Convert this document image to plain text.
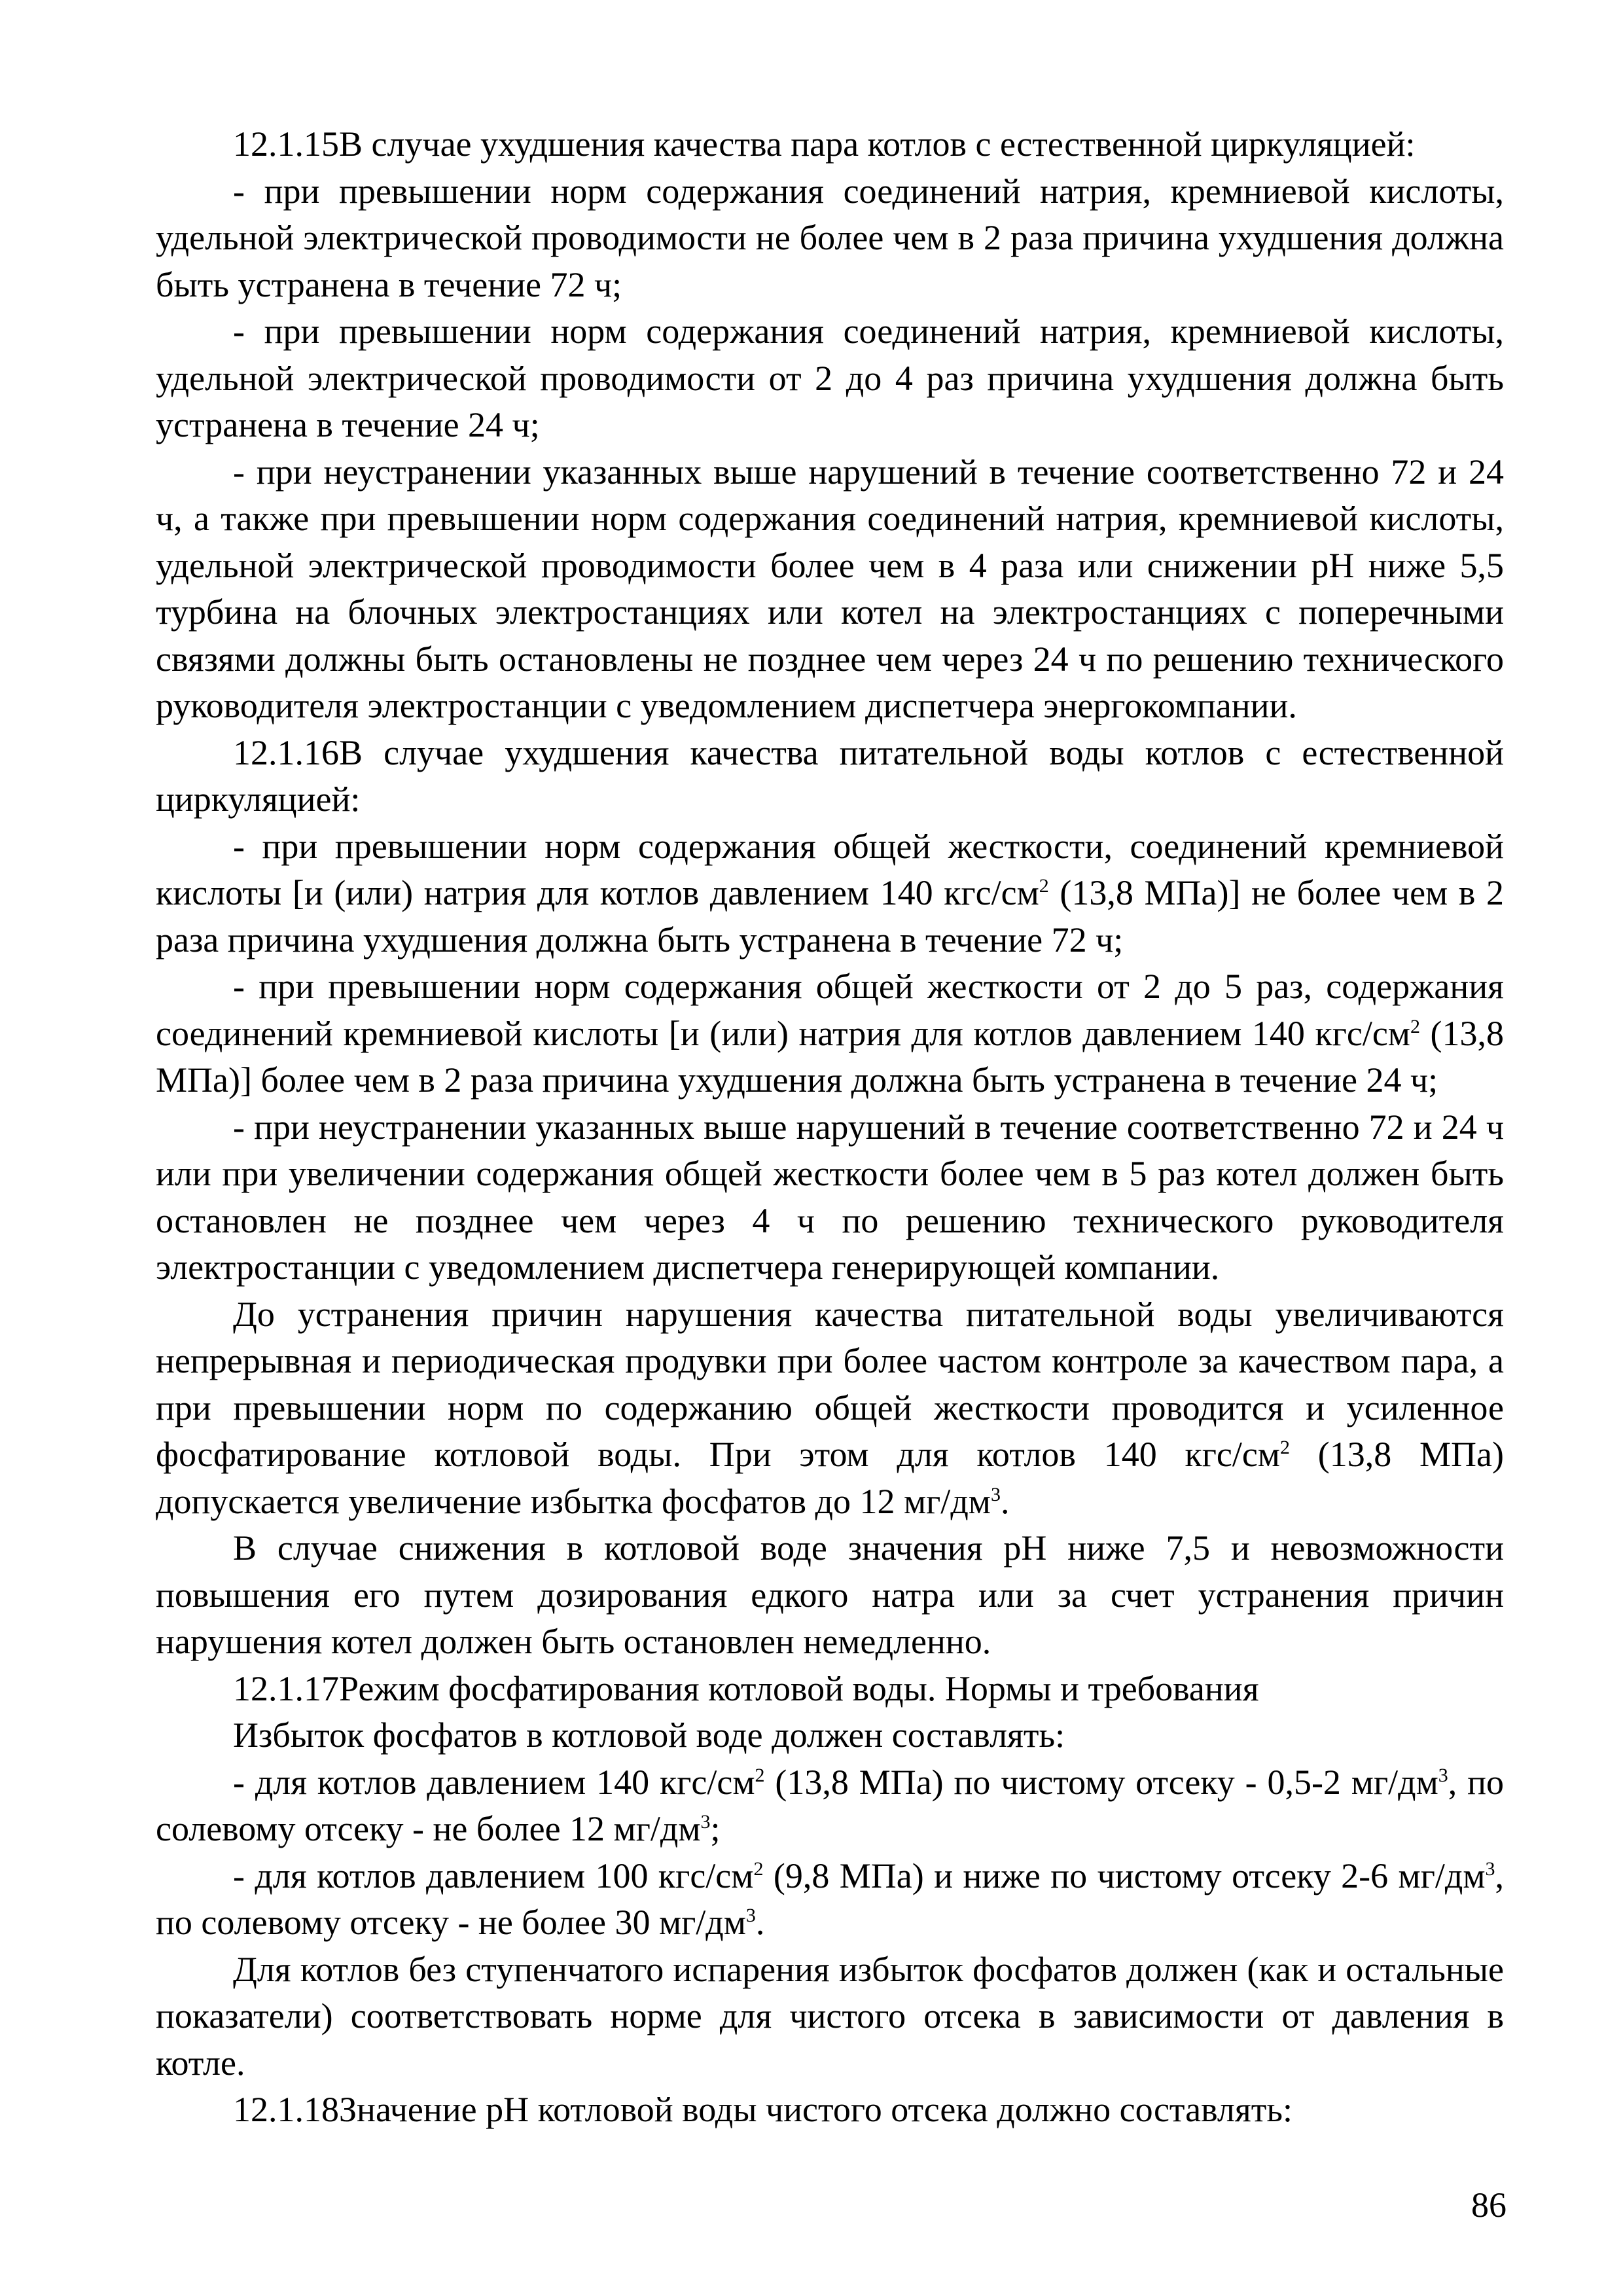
12.1.15В случае ухудшения качества пара котлов с естественной циркуляцией:

- при превышении норм содержания соединений натрия, кремниевой кислоты, удельной электрической проводимости не более чем в 2 раза причина ухудшения должна быть устранена в течение 72 ч;

- при превышении норм содержания соединений натрия, кремниевой кислоты, удельной электрической проводимости от 2 до 4 раз причина ухудшения должна быть устранена в течение 24 ч;

- при неустранении указанных выше нарушений в течение соответственно 72 и 24 ч, а также при превышении норм содержания соединений натрия, кремниевой кислоты, удельной электрической проводимости более чем в 4 раза или снижении рН ниже 5,5 турбина на блочных электростанциях или котел на электростанциях с поперечными связями должны быть остановлены не позднее чем через 24 ч по решению технического руководителя электростанции с уведомлением диспетчера энергокомпании.

12.1.16В случае ухудшения качества питательной воды котлов с естественной циркуляцией:

- при превышении норм содержания общей жесткости, соединений кремниевой кислоты [и (или) натрия для котлов давлением 140 кгс/$см^2$ (13,8 МПа)] не более чем в 2 раза причина ухудшения должна быть устранена в течение 72 ч;

- при превышении норм содержания общей жесткости от 2 до 5 раз, содержания соединений кремниевой кислоты [и (или) натрия для котлов давлением 140 кгс/$см^2$ (13,8 МПа)] более чем в 2 раза причина ухудшения должна быть устранена в течение 24 ч;

- при неустранении указанных выше нарушений в течение соответственно 72 и 24 ч или при увеличении содержания общей жесткости более чем в 5 раз котел должен быть остановлен не позднее чем через 4 ч по решению технического руководителя электростанции с уведомлением диспетчера генерирующей компании.

До устранения причин нарушения качества питательной воды увеличиваются непрерывная и периодическая продувки при более частом контроле за качеством пара, а при превышении норм по содержанию общей жесткости проводится и усиленное фосфатирование котловой воды. При этом для котлов 140 кгс/$см^2$ (13,8 МПа) допускается увеличение избытка фосфатов до 12 $мг/дм^3$.

В случае снижения в котловой воде значения рН ниже 7,5 и невозможности повышения его путем дозирования едкого натра или за счет устранения причин нарушения котел должен быть остановлен немедленно.

12.1.17Режим фосфатирования котловой воды. Нормы и требования

Избыток фосфатов в котловой воде должен составлять:

- для котлов давлением 140 кгс/$см^2$ (13,8 МПа) по чистому отсеку - 0,5-2 $мг/дм^3$, по солевому отсеку - не более 12 $мг/дм^3$;

- для котлов давлением 100 кгс/$см^2$ (9,8 МПа) и ниже по чистому отсеку 2-6 $мг/дм^3$, по солевому отсеку - не более 30 $мг/дм^3$.

Для котлов без ступенчатого испарения избыток фосфатов должен (как и остальные показатели) соответствовать норме для чистого отсека в зависимости от давления в котле.

12.1.18Значение рН котловой воды чистого отсека должно составлять:

86
